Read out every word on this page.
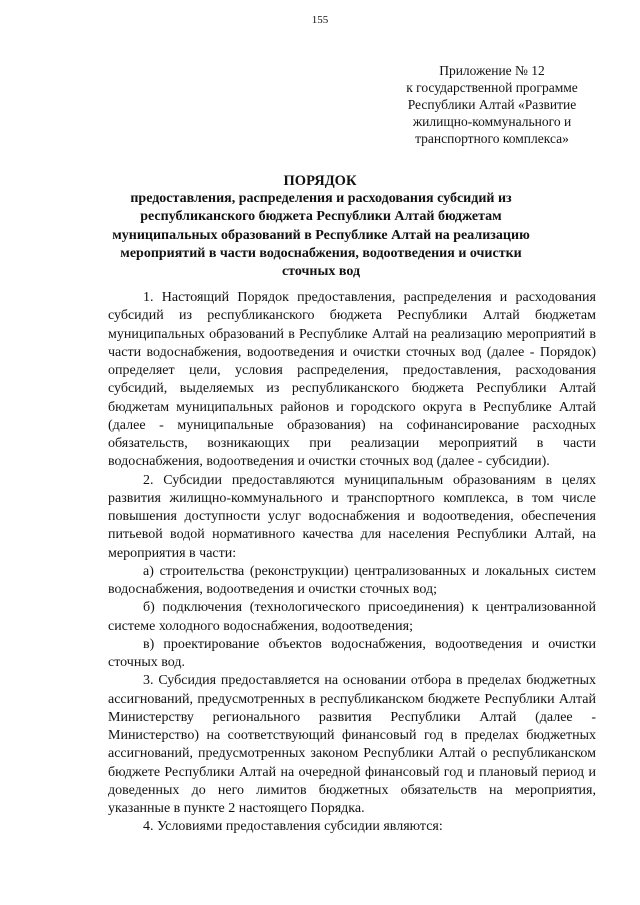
155
Приложение № 12
к государственной программе
Республики Алтай «Развитие
жилищно-коммунального и
транспортного комплекса»
ПОРЯДОК
предоставления, распределения и расходования субсидий из
республиканского бюджета Республики Алтай бюджетам
муниципальных образований в Республике Алтай на реализацию
мероприятий в части водоснабжения, водоотведения и очистки
сточных вод

1. Настоящий Порядок предоставления, распределения и расходования субсидий из республиканского бюджета Республики Алтай бюджетам муниципальных образований в Республике Алтай на реализацию мероприятий в части водоснабжения, водоотведения и очистки сточных вод (далее - Порядок) определяет цели, условия распределения, предоставления, расходования субсидий, выделяемых из республиканского бюджета Республики Алтай бюджетам муниципальных районов и городского округа в Республике Алтай (далее - муниципальные образования) на софинансирование расходных обязательств, возникающих при реализации мероприятий в части водоснабжения, водоотведения и очистки сточных вод (далее - субсидии).

2. Субсидии предоставляются муниципальным образованиям в целях развития жилищно-коммунального и транспортного комплекса, в том числе повышения доступности услуг водоснабжения и водоотведения, обеспечения питьевой водой нормативного качества для населения Республики Алтай, на мероприятия в части:

а) строительства (реконструкции) централизованных и локальных систем водоснабжения, водоотведения и очистки сточных вод;

б) подключения (технологического присоединения) к централизованной системе холодного водоснабжения, водоотведения;

в) проектирование объектов водоснабжения, водоотведения и очистки сточных вод.

3. Субсидия предоставляется на основании отбора в пределах бюджетных ассигнований, предусмотренных в республиканском бюджете Республики Алтай Министерству регионального развития Республики Алтай (далее - Министерство) на соответствующий финансовый год в пределах бюджетных ассигнований, предусмотренных законом Республики Алтай о республиканском бюджете Республики Алтай на очередной финансовый год и плановый период и доведенных до него лимитов бюджетных обязательств на мероприятия, указанные в пункте 2 настоящего Порядка.

4. Условиями предоставления субсидии являются:
